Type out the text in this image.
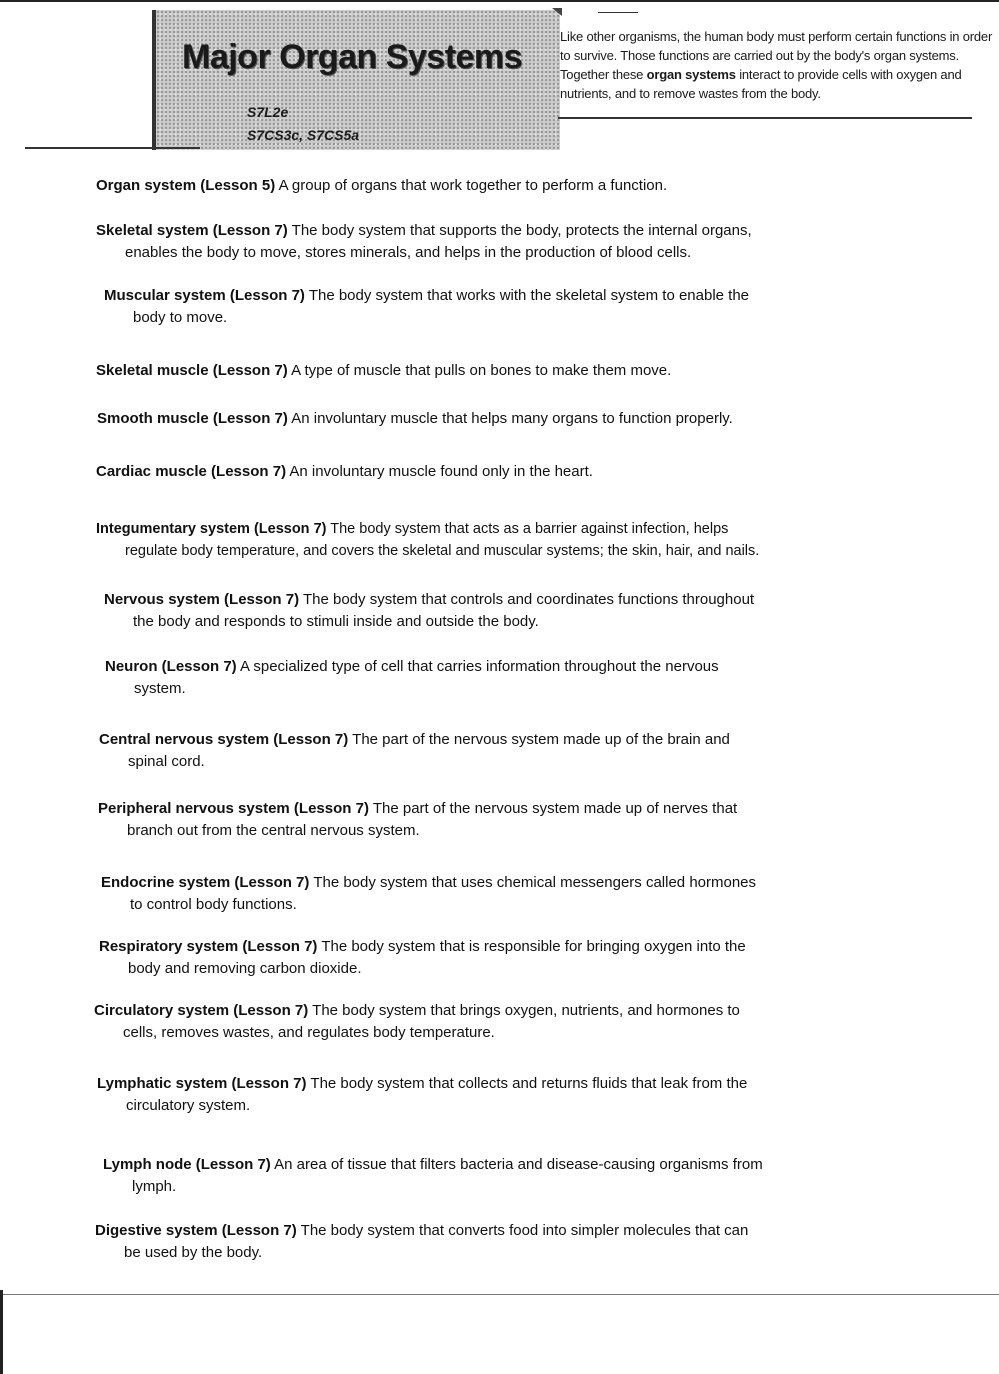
Major Organ Systems

S7L2e

S7CS3c, S7CS5a

Like other organisms, the human body must perform certain functions in order to survive. Those functions are carried out by the body's organ systems. Together these organ systems interact to provide cells with oxygen and nutrients, and to remove wastes from the body.

Organ system (Lesson 5) A group of organs that work together to perform a function.

Skeletal system (Lesson 7) The body system that supports the body, protects the internal organs,
enables the body to move, stores minerals, and helps in the production of blood cells.

Muscular system (Lesson 7) The body system that works with the skeletal system to enable the
body to move.

Skeletal muscle (Lesson 7) A type of muscle that pulls on bones to make them move.

Smooth muscle (Lesson 7) An involuntary muscle that helps many organs to function properly.

Cardiac muscle (Lesson 7) An involuntary muscle found only in the heart.

Integumentary system (Lesson 7) The body system that acts as a barrier against infection, helps
regulate body temperature, and covers the skeletal and muscular systems; the skin, hair, and nails.

Nervous system (Lesson 7) The body system that controls and coordinates functions throughout
the body and responds to stimuli inside and outside the body.

Neuron (Lesson 7) A specialized type of cell that carries information throughout the nervous
system.

Central nervous system (Lesson 7) The part of the nervous system made up of the brain and
spinal cord.

Peripheral nervous system (Lesson 7) The part of the nervous system made up of nerves that
branch out from the central nervous system.

Endocrine system (Lesson 7) The body system that uses chemical messengers called hormones
to control body functions.

Respiratory system (Lesson 7) The body system that is responsible for bringing oxygen into the
body and removing carbon dioxide.

Circulatory system (Lesson 7) The body system that brings oxygen, nutrients, and hormones to
cells, removes wastes, and regulates body temperature.

Lymphatic system (Lesson 7) The body system that collects and returns fluids that leak from the
circulatory system.

Lymph node (Lesson 7) An area of tissue that filters bacteria and disease-causing organisms from
lymph.

Digestive system (Lesson 7) The body system that converts food into simpler molecules that can
be used by the body.
